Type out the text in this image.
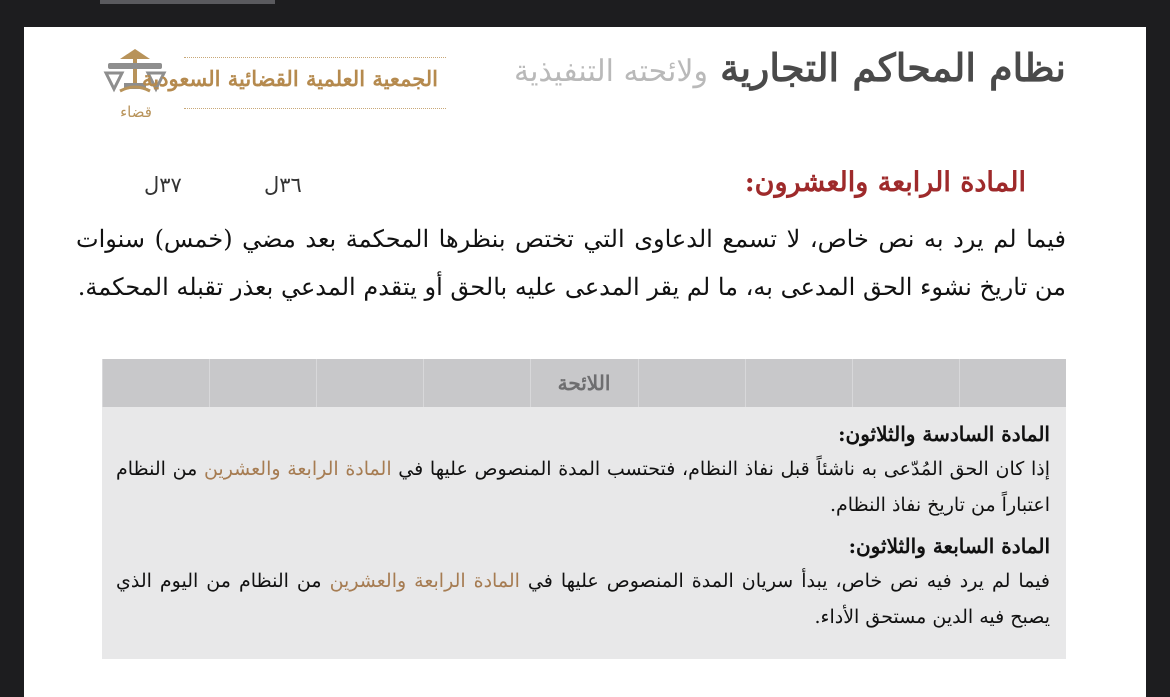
قضاء
الجمعية العلمية القضائية السعودية	نظام المحاكم التجارية ولائحته التنفيذية
المادة الرابعة والعشرون:
٣٦ل
٣٧ل
فيما لم يرد به نص خاص، لا تسمع الدعاوى التي تختص بنظرها المحكمة بعد مضي (خمس) سنوات من تاريخ نشوء الحق المدعى به، ما لم يقر المدعى عليه بالحق أو يتقدم المدعي بعذر تقبله المحكمة.
اللائحة
المادة السادسة والثلاثون:

إذا كان الحق المُدّعى به ناشئاً قبل نفاذ النظام، فتحتسب المدة المنصوص عليها في المادة الرابعة والعشرين من النظام اعتباراً من تاريخ نفاذ النظام.

المادة السابعة والثلاثون:

فيما لم يرد فيه نص خاص، يبدأ سريان المدة المنصوص عليها في المادة الرابعة والعشرين من النظام من اليوم الذي يصبح فيه الدين مستحق الأداء.
